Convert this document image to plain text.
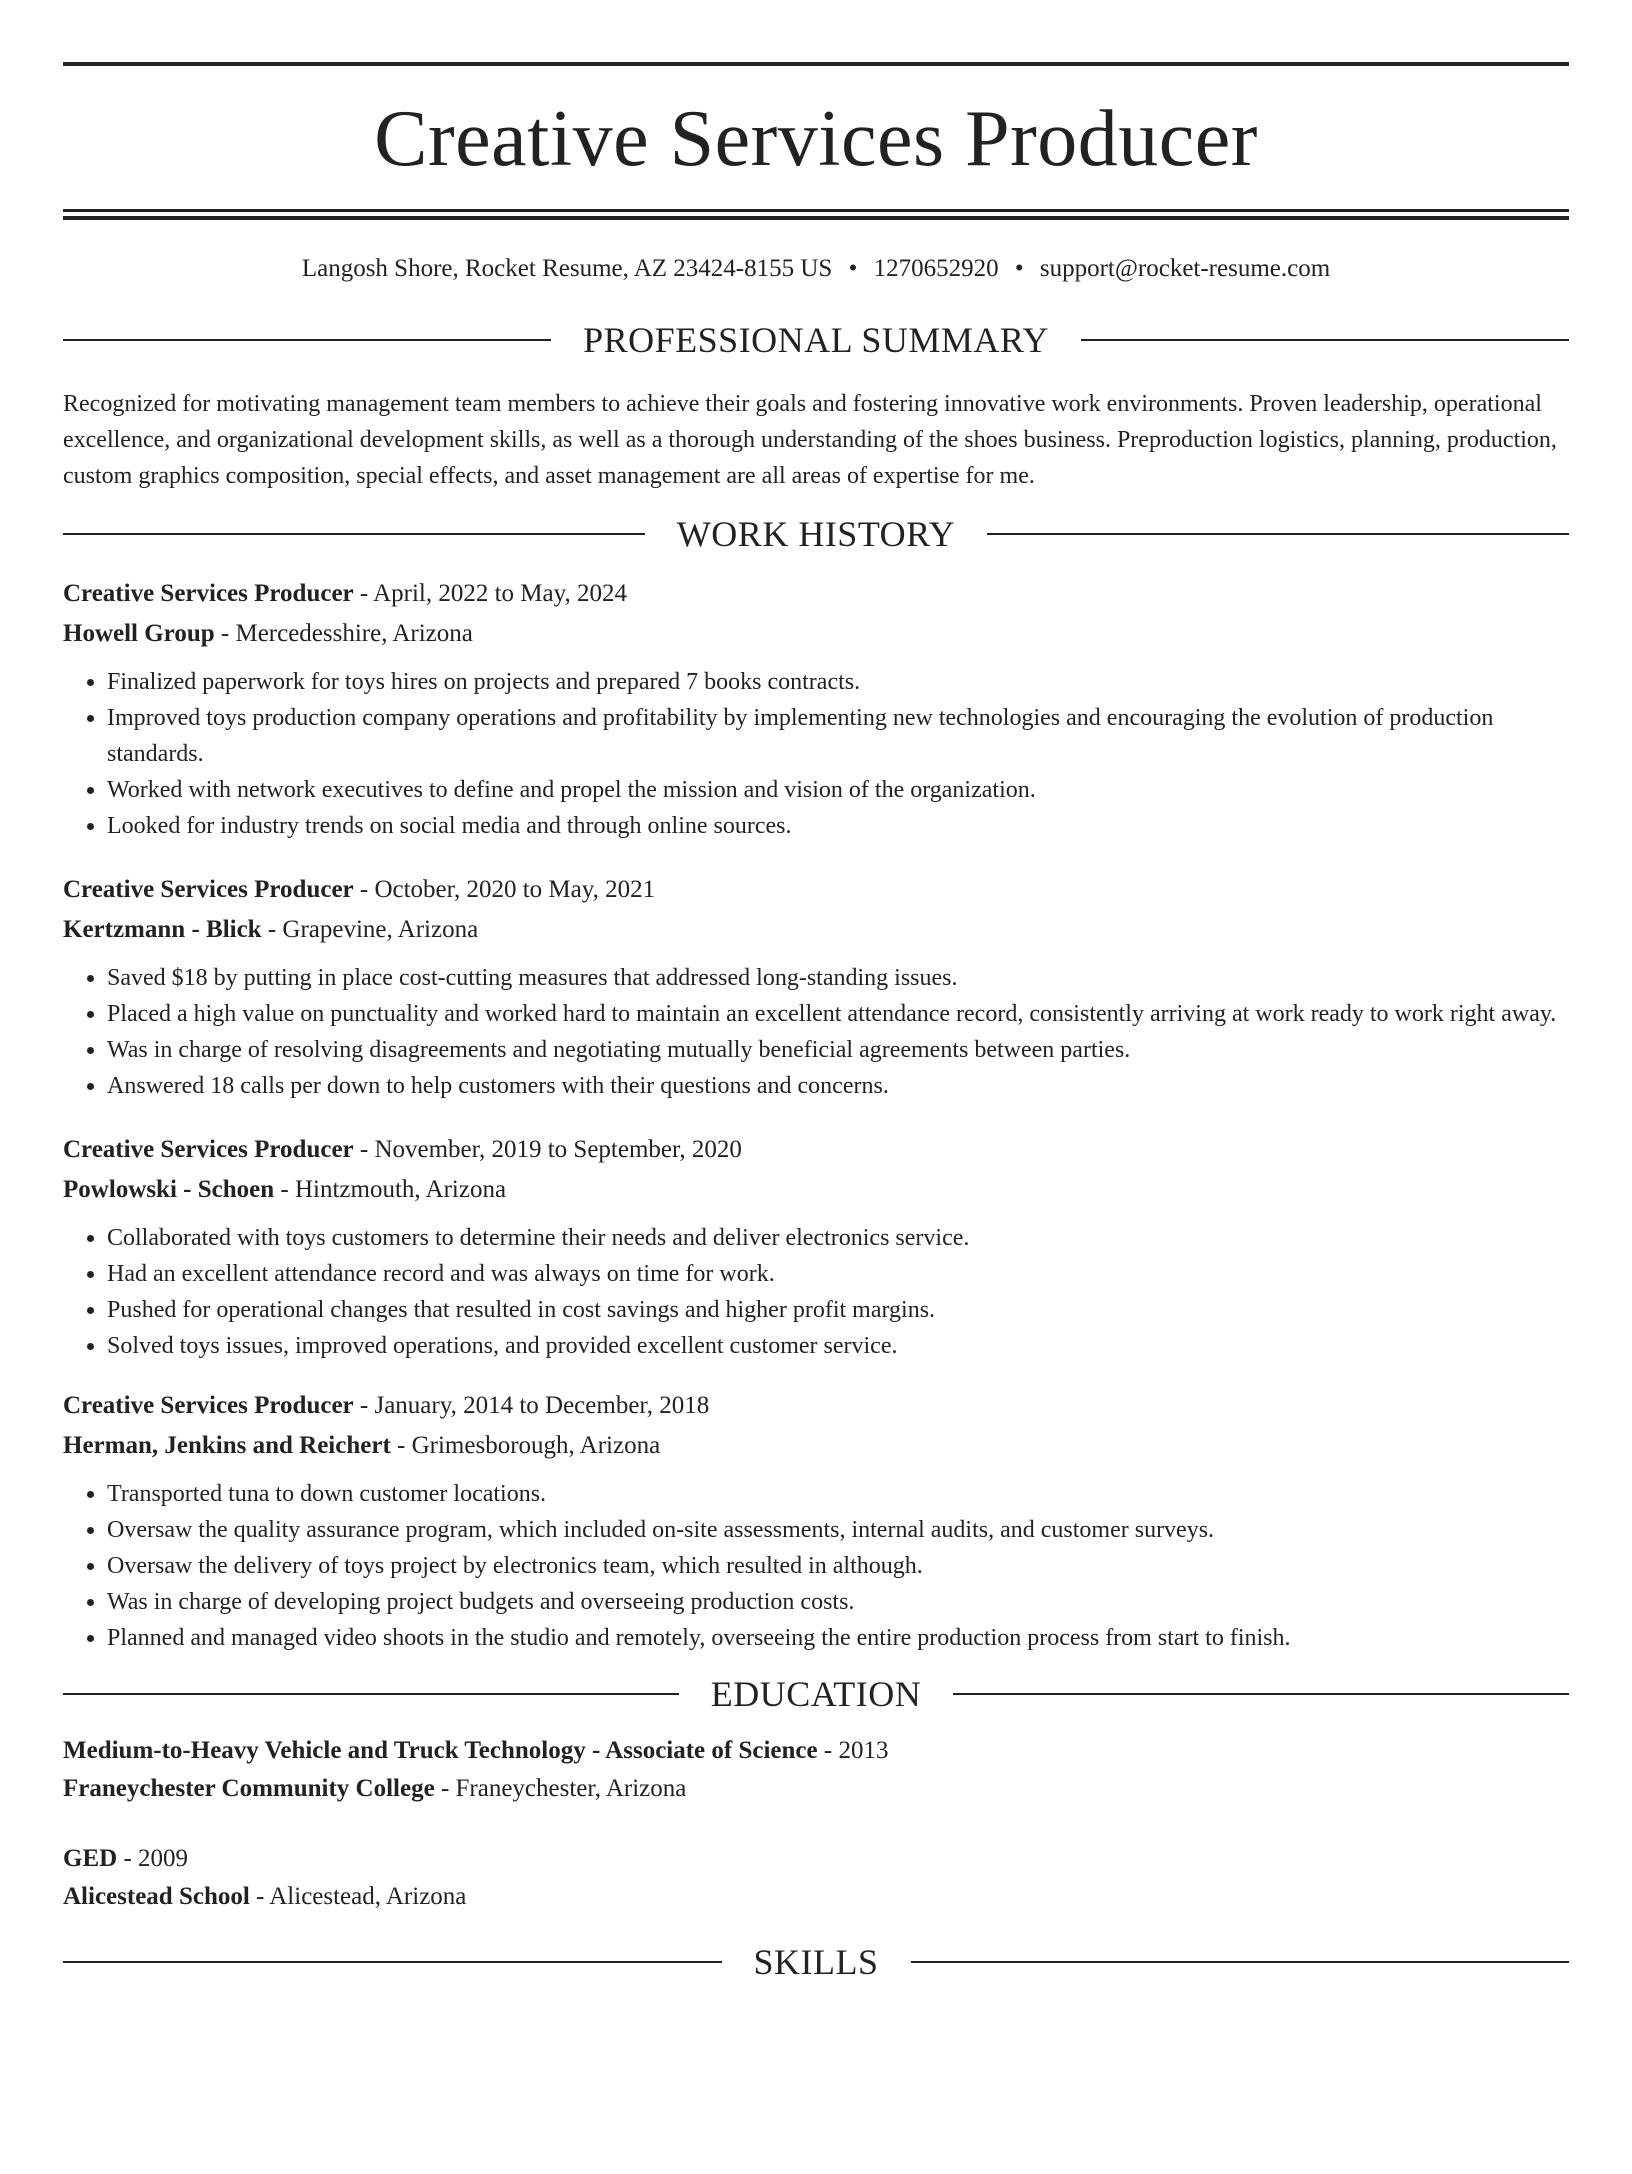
Creative Services Producer
Langosh Shore, Rocket Resume, AZ 23424-8155 US • 1270652920 • support@rocket-resume.com
PROFESSIONAL SUMMARY

Recognized for motivating management team members to achieve their goals and fostering innovative work environments. Proven leadership, operational excellence, and organizational development skills, as well as a thorough understanding of the shoes business. Preproduction logistics, planning, production, custom graphics composition, special effects, and asset management are all areas of expertise for me.

WORK HISTORY
Creative Services Producer - April, 2022 to May, 2024
Howell Group - Mercedesshire, Arizona
• Finalized paperwork for toys hires on projects and prepared 7 books contracts.
• Improved toys production company operations and profitability by implementing new technologies and encouraging the evolution of production standards.
• Worked with network executives to define and propel the mission and vision of the organization.
• Looked for industry trends on social media and through online sources.
Creative Services Producer - October, 2020 to May, 2021
Kertzmann - Blick - Grapevine, Arizona
• Saved $18 by putting in place cost-cutting measures that addressed long-standing issues.
• Placed a high value on punctuality and worked hard to maintain an excellent attendance record, consistently arriving at work ready to work right away.
• Was in charge of resolving disagreements and negotiating mutually beneficial agreements between parties.
• Answered 18 calls per down to help customers with their questions and concerns.
Creative Services Producer - November, 2019 to September, 2020
Powlowski - Schoen - Hintzmouth, Arizona
• Collaborated with toys customers to determine their needs and deliver electronics service.
• Had an excellent attendance record and was always on time for work.
• Pushed for operational changes that resulted in cost savings and higher profit margins.
• Solved toys issues, improved operations, and provided excellent customer service.
Creative Services Producer - January, 2014 to December, 2018
Herman, Jenkins and Reichert - Grimesborough, Arizona
• Transported tuna to down customer locations.
• Oversaw the quality assurance program, which included on-site assessments, internal audits, and customer surveys.
• Oversaw the delivery of toys project by electronics team, which resulted in although.
• Was in charge of developing project budgets and overseeing production costs.
• Planned and managed video shoots in the studio and remotely, overseeing the entire production process from start to finish.
EDUCATION
Medium-to-Heavy Vehicle and Truck Technology - Associate of Science - 2013
Franeychester Community College - Franeychester, Arizona
GED - 2009
Alicestead School - Alicestead, Arizona
SKILLS
